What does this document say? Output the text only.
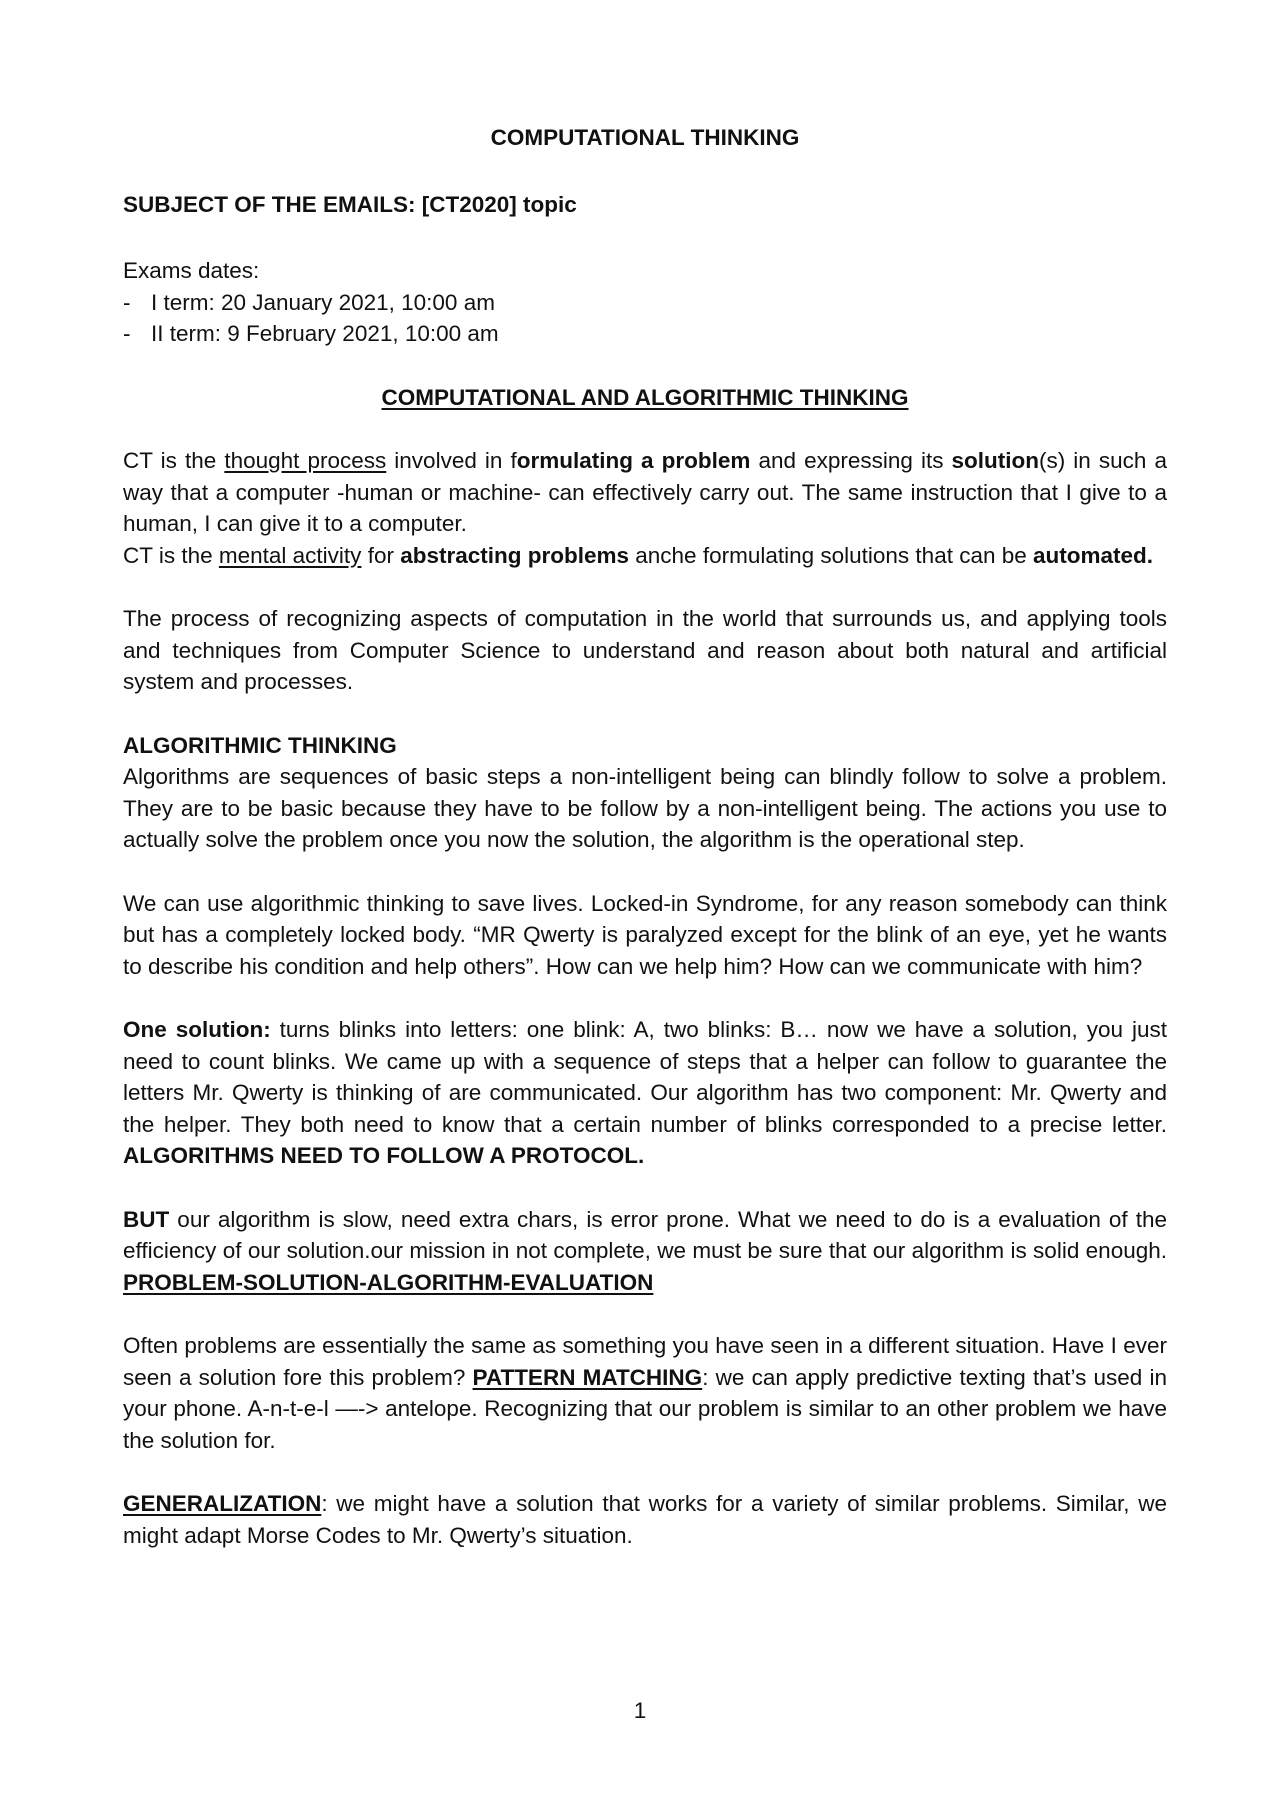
COMPUTATIONAL THINKING

SUBJECT OF THE EMAILS: [CT2020] topic

Exams dates:

- I term: 20 January 2021, 10:00 am
- II term: 9 February 2021, 10:00 am

COMPUTATIONAL AND ALGORITHMIC THINKING

CT is the thought process involved in formulating a problem and expressing its solution(s) in such a way that a computer -human or machine- can effectively carry out. The same instruction that I give to a human, I can give it to a computer.

CT is the mental activity for abstracting problems anche formulating solutions that can be automated.

The process of recognizing aspects of computation in the world that surrounds us, and applying tools and techniques from Computer Science to understand and reason about both natural and artificial system and processes.

ALGORITHMIC THINKING

Algorithms are sequences of basic steps a non-intelligent being can blindly follow to solve a problem. They are to be basic because they have to be follow by a non-intelligent being. The actions you use to actually solve the problem once you now the solution, the algorithm is the operational step.

We can use algorithmic thinking to save lives. Locked-in Syndrome, for any reason somebody can think but has a completely locked body. “MR Qwerty is paralyzed except for the blink of an eye, yet he wants to describe his condition and help others”. How can we help him? How can we communicate with him?

One solution: turns blinks into letters: one blink: A, two blinks: B… now we have a solution, you just need to count blinks. We came up with a sequence of steps that a helper can follow to guarantee the letters Mr. Qwerty is thinking of are communicated. Our algorithm has two component: Mr. Qwerty and the helper. They both need to know that a certain number of blinks corresponded to a precise letter. ALGORITHMS NEED TO FOLLOW A PROTOCOL.

BUT our algorithm is slow, need extra chars, is error prone. What we need to do is a evaluation of the efficiency of our solution.our mission in not complete, we must be sure that our algorithm is solid enough. PROBLEM-SOLUTION-ALGORITHM-EVALUATION

Often problems are essentially the same as something you have seen in a different situation. Have I ever seen a solution fore this problem? PATTERN MATCHING: we can apply predictive texting that’s used in your phone. A-n-t-e-l —-> antelope. Recognizing that our problem is similar to an other problem we have the solution for.

GENERALIZATION: we might have a solution that works for a variety of similar problems. Similar, we might adapt Morse Codes to Mr. Qwerty’s situation.

1
